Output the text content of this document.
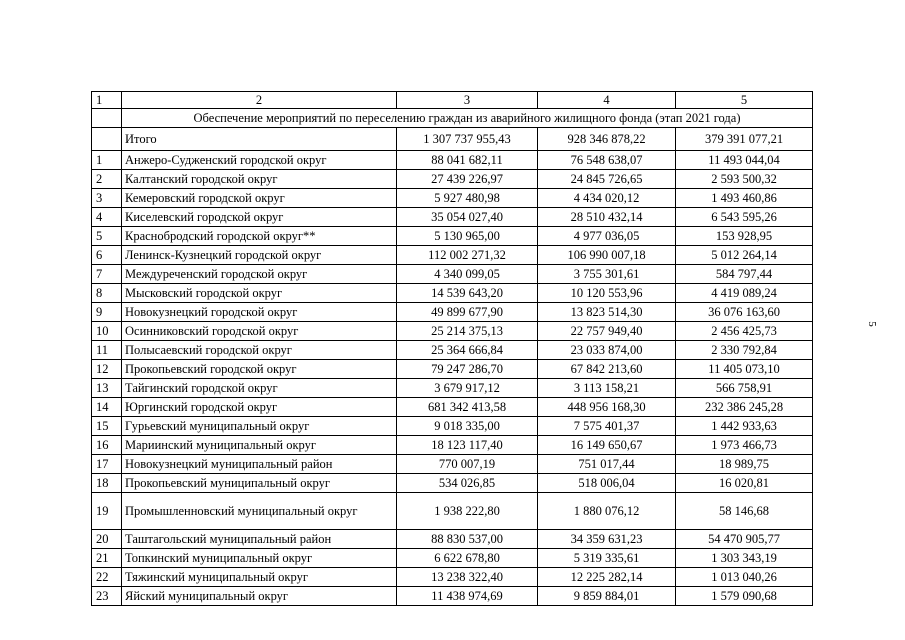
1	2	3	4	5
	Обеспечение мероприятий по переселению граждан из аварийного жилищного фонда (этап 2021 года)			
	Итого	1 307 737 955,43	928 346 878,22	379 391 077,21
1	Анжеро-Судженский городской округ	88 041 682,11	76 548 638,07	11 493 044,04
2	Калтанский городской округ	27 439 226,97	24 845 726,65	2 593 500,32
3	Кемеровский городской округ	5 927 480,98	4 434 020,12	1 493 460,86
4	Киселевский городской округ	35 054 027,40	28 510 432,14	6 543 595,26
5	Краснобродский городской округ**	5 130 965,00	4 977 036,05	153 928,95
6	Ленинск-Кузнецкий городской округ	112 002 271,32	106 990 007,18	5 012 264,14
7	Междуреченский городской округ	4 340 099,05	3 755 301,61	584 797,44
8	Мысковский городской округ	14 539 643,20	10 120 553,96	4 419 089,24
9	Новокузнецкий городской округ	49 899 677,90	13 823 514,30	36 076 163,60
10	Осинниковский городской округ	25 214 375,13	22 757 949,40	2 456 425,73
11	Полысаевский городской округ	25 364 666,84	23 033 874,00	2 330 792,84
12	Прокопьевский городской округ	79 247 286,70	67 842 213,60	11 405 073,10
13	Тайгинский городской округ	3 679 917,12	3 113 158,21	566 758,91
14	Юргинский городской округ	681 342 413,58	448 956 168,30	232 386 245,28
15	Гурьевский муниципальный округ	9 018 335,00	7 575 401,37	1 442 933,63
16	Мариинский муниципальный округ	18 123 117,40	16 149 650,67	1 973 466,73
17	Новокузнецкий муниципальный район	770 007,19	751 017,44	18 989,75
18	Прокопьевский муниципальный округ	534 026,85	518 006,04	16 020,81
19	Промышленновский муниципальный округ	1 938 222,80	1 880 076,12	58 146,68
20	Таштагольский муниципальный район	88 830 537,00	34 359 631,23	54 470 905,77
21	Топкинский муниципальный округ	6 622 678,80	5 319 335,61	1 303 343,19
22	Тяжинский муниципальный округ	13 238 322,40	12 225 282,14	1 013 040,26
23	Яйский муниципальный округ	11 438 974,69	9 859 884,01	1 579 090,68
5
